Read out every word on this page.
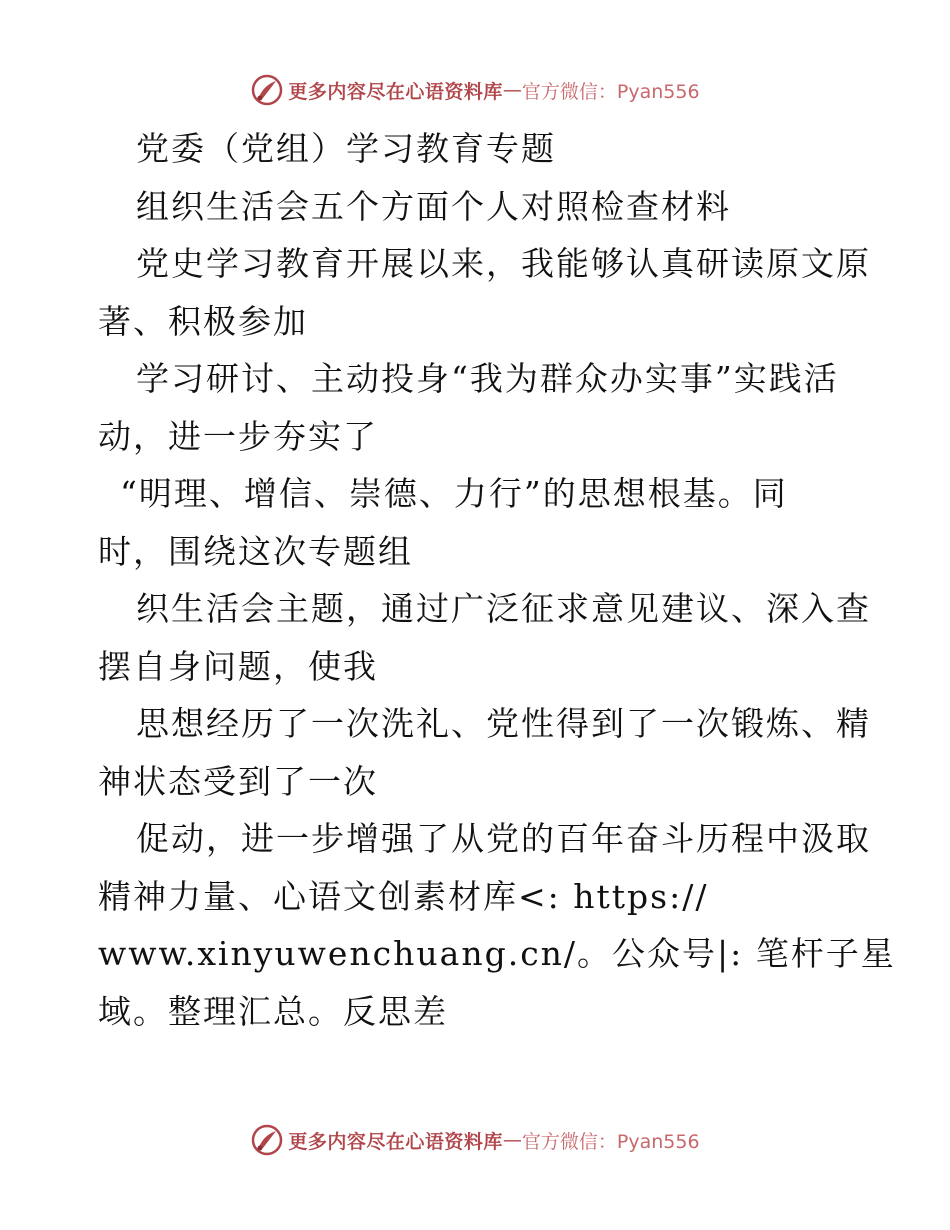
更多内容尽在心语资料库 — 官方微信：Pyan556
党委（党组）学习教育专题
组织生活会五个方面个人对照检查材料
党史学习教育开展以来，我能够认真研读原文原
著、积极参加
学习研讨、主动投身“我为群众办实事”实践活
动，进一步夯实了
“明理、增信、崇德、力行”的思想根基。同
时，围绕这次专题组
织生活会主题，通过广泛征求意见建议、深入查
摆自身问题，使我
思想经历了一次洗礼、党性得到了一次锻炼、精
神状态受到了一次
促动，进一步增强了从党的百年奋斗历程中汲取
精神力量、心语文创素材库<: https://
www.xinyuwenchuang.cn/。公众号|: 笔杆子星
域。整理汇总。反思差
更多内容尽在心语资料库 — 官方微信：Pyan556
